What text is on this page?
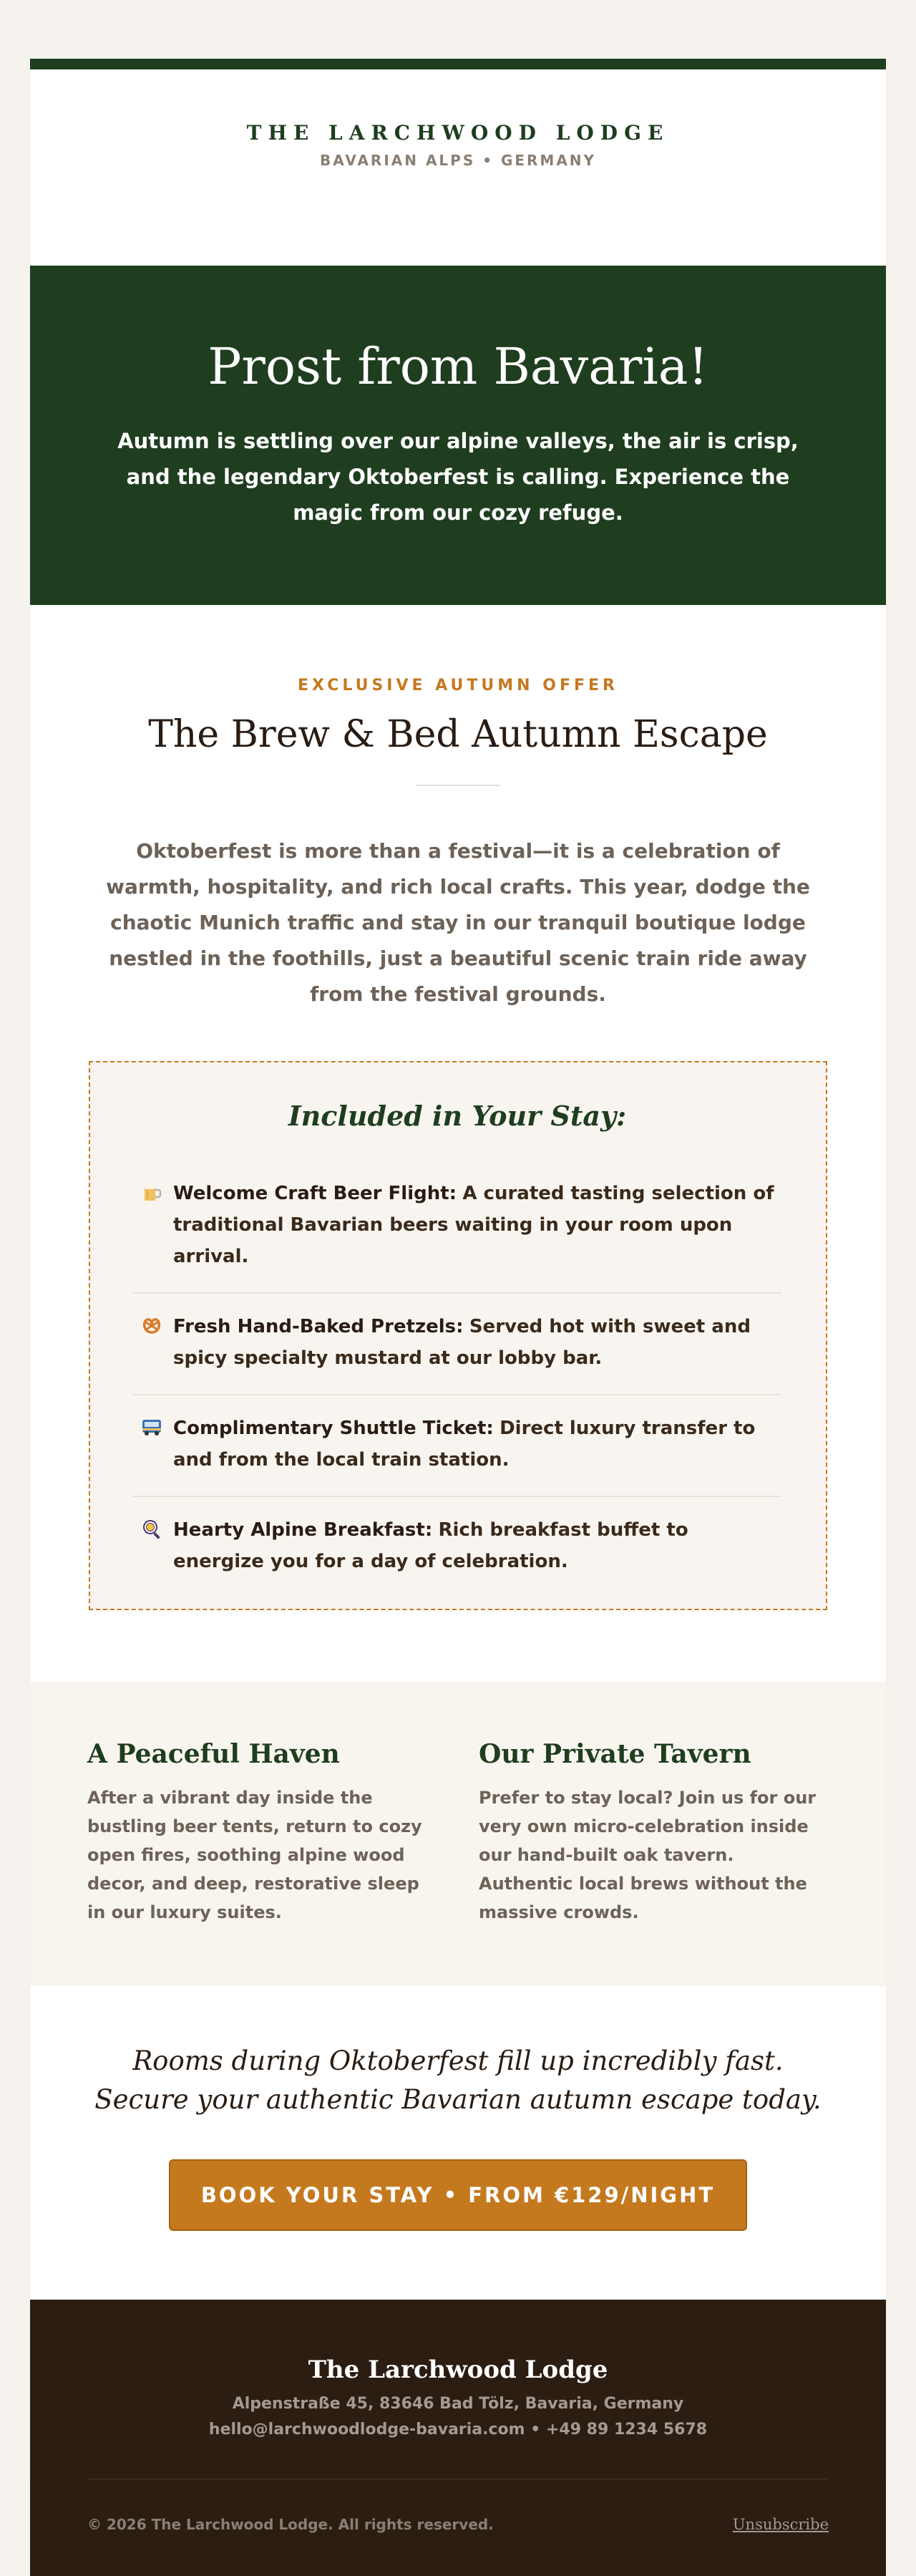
THE LARCHWOOD LODGE
BAVARIAN ALPS • GERMANY
Prost from Bavaria!

Autumn is settling over our alpine valleys, the air is crisp, and the legendary Oktoberfest is calling. Experience the magic from our cozy refuge.

EXCLUSIVE AUTUMN OFFER
The Brew & Bed Autumn Escape
Oktoberfest is more than a festival—it is a celebration of warmth, hospitality, and rich local crafts. This year, dodge the chaotic Munich traffic and stay in our tranquil boutique lodge nestled in the foothills, just a beautiful scenic train ride away from the festival grounds.
Included in Your Stay:
Welcome Craft Beer Flight: A curated tasting selection of traditional Bavarian beers waiting in your room upon arrival.
Fresh Hand-Baked Pretzels: Served hot with sweet and spicy specialty mustard at our lobby bar.
Complimentary Shuttle Ticket: Direct luxury transfer to and from the local train station.
Hearty Alpine Breakfast: Rich breakfast buffet to energize you for a day of celebration.
A Peaceful Haven

After a vibrant day inside the bustling beer tents, return to cozy open fires, soothing alpine wood decor, and deep, restorative sleep in our luxury suites.

Our Private Tavern

Prefer to stay local? Join us for our very own micro-celebration inside our hand-built oak tavern. Authentic local brews without the massive crowds.

Rooms during Oktoberfest fill up incredibly fast. Secure your authentic Bavarian autumn escape today.

BOOK YOUR STAY • FROM €129/NIGHT
The Larchwood Lodge
Alpenstraße 45, 83646 Bad Tölz, Bavaria, Germany
hello@larchwoodlodge-bavaria.com • +49 89 1234 5678
© 2026 The Larchwood Lodge. All rights reserved.	Unsubscribe
